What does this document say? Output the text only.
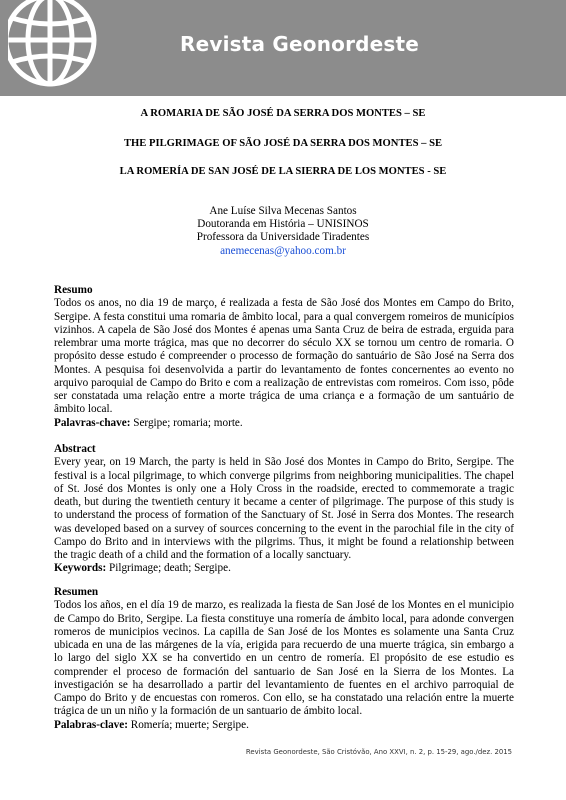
Revista Geonordeste
A ROMARIA DE SÃO JOSÉ DA SERRA DOS MONTES – SE
THE PILGRIMAGE OF SÃO JOSÉ DA SERRA DOS MONTES – SE
LA ROMERÍA DE SAN JOSÉ DE LA SIERRA DE LOS MONTES - SE
Ane Luíse Silva Mecenas Santos
Doutoranda em História – UNISINOS
Professora da Universidade Tiradentes
anemecenas@yahoo.com.br
Resumo

Todos os anos, no dia 19 de março, é realizada a festa de São José dos Montes em Campo do Brito, Sergipe. A festa constitui uma romaria de âmbito local, para a qual convergem romeiros de municípios vizinhos. A capela de São José dos Montes é apenas uma Santa Cruz de beira de estrada, erguida para relembrar uma morte trágica, mas que no decorrer do século XX se tornou um centro de romaria. O propósito desse estudo é compreender o processo de formação do santuário de São José na Serra dos Montes. A pesquisa foi desenvolvida a partir do levantamento de fontes concernentes ao evento no arquivo paroquial de Campo do Brito e com a realização de entrevistas com romeiros. Com isso, pôde ser constatada uma relação entre a morte trágica de uma criança e a formação de um santuário de âmbito local.

Palavras-chave: Sergipe; romaria; morte.

Abstract

Every year, on 19 March, the party is held in São José dos Montes in Campo do Brito, Sergipe. The festival is a local pilgrimage, to which converge pilgrims from neighboring municipalities. The chapel of St. José dos Montes is only one a Holy Cross in the roadside, erected to commemorate a tragic death, but during the twentieth century it became a center of pilgrimage. The purpose of this study is to understand the process of formation of the Sanctuary of St. José in Serra dos Montes. The research was developed based on a survey of sources concerning to the event in the parochial file in the city of Campo do Brito and in interviews with the pilgrims. Thus, it might be found a relationship between the tragic death of a child and the formation of a locally sanctuary.

Keywords: Pilgrimage; death; Sergipe.

Resumen

Todos los años, en el día 19 de marzo, es realizada la fiesta de San José de los Montes en el municipio de Campo do Brito, Sergipe. La fiesta constituye una romería de ámbito local, para adonde convergen romeros de municipios vecinos. La capilla de San José de los Montes es solamente una Santa Cruz ubicada en una de las márgenes de la vía, erigida para recuerdo de una muerte trágica, sin embargo a lo largo del siglo XX se ha convertido en un centro de romería. El propósito de ese estudio es comprender el proceso de formación del santuario de San José en la Sierra de los Montes. La investigación se ha desarrollado a partir del levantamiento de fuentes en el archivo parroquial de Campo do Brito y de encuestas con romeros. Con ello, se ha constatado una relación entre la muerte trágica de un un niño y la formación de un santuario de ámbito local.

Palabras-clave: Romería; muerte; Sergipe.

Revista Geonordeste, São Cristóvão, Ano XXVI, n. 2, p. 15-29, ago./dez. 2015
